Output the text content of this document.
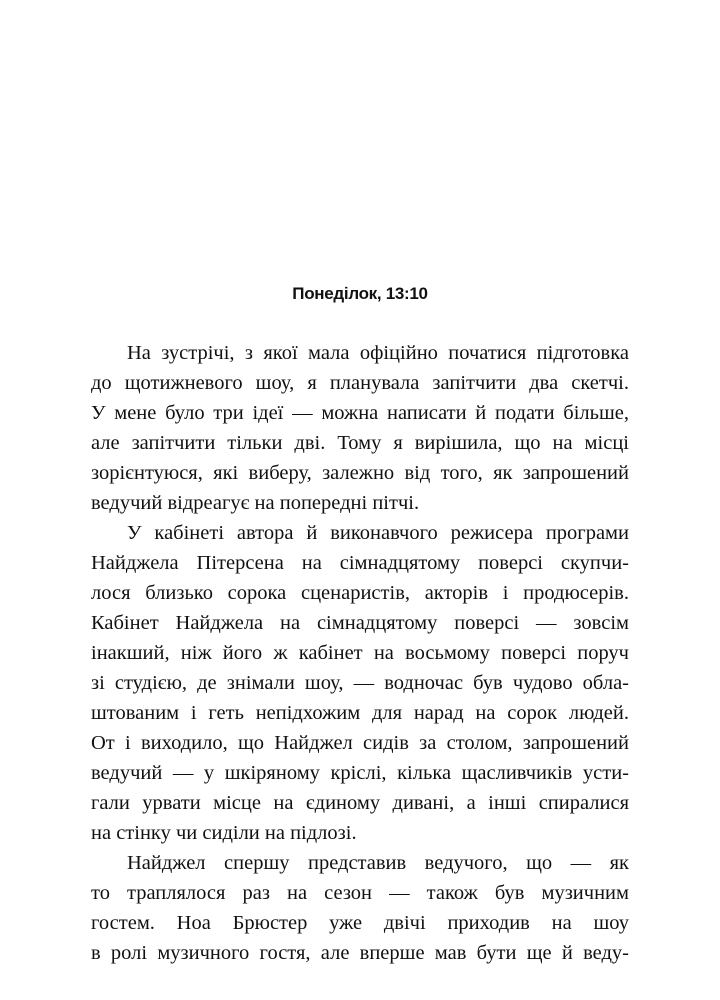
Понеділок, 13:10

На зустрічі, з якої мала офіційно початися підготовка
до щотижневого шоу, я планувала запітчити два скетчі.
У мене було три ідеї — можна написати й подати більше,
але запітчити тільки дві. Тому я вирішила, що на місці
зорієнтуюся, які виберу, залежно від того, як запрошений
ведучий відреагує на попередні пітчі.

У кабінеті автора й виконавчого режисера програми
Найджела Пітерсена на сімнадцятому поверсі скупчи-
лося близько сорока сценаристів, акторів і продюсерів.
Кабінет Найджела на сімнадцятому поверсі — зовсім
інакший, ніж його ж кабінет на восьмому поверсі поруч
зі студією, де знімали шоу, — водночас був чудово обла-
штованим і геть непідхожим для нарад на сорок людей.
От і виходило, що Найджел сидів за столом, запрошений
ведучий — у шкіряному кріслі, кілька щасливчиків усти-
гали урвати місце на єдиному дивані, а інші спиралися
на стінку чи сиділи на підлозі.

Найджел спершу представив ведучого, що — як
то траплялося раз на сезон — також був музичним
гостем. Ноа Брюстер уже двічі приходив на шоу
в ролі музичного гостя, але вперше мав бути ще й веду-
